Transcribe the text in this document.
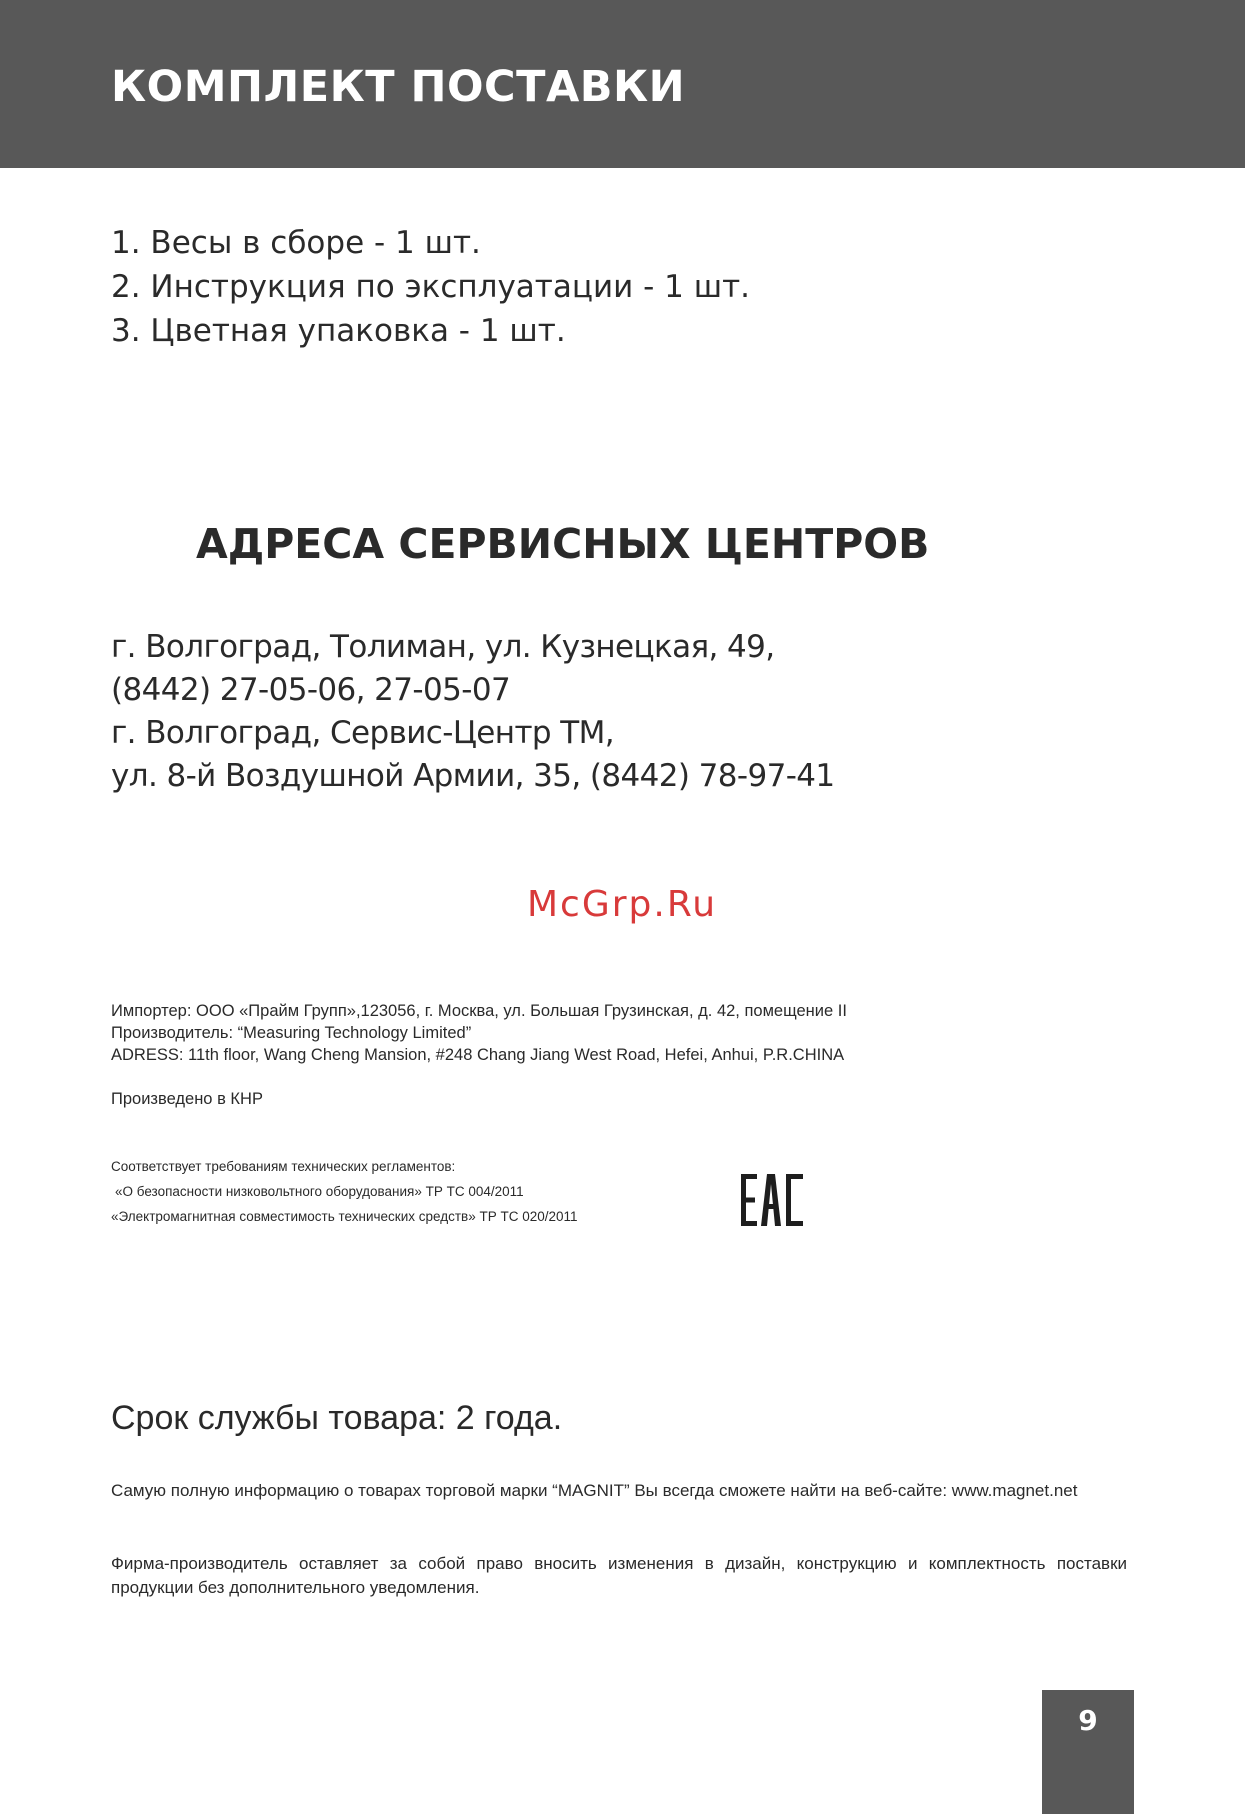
КОМПЛЕКТ ПОСТАВКИ
1. Весы в сборе - 1 шт.
2. Инструкция по эксплуатации - 1 шт.
3. Цветная упаковка - 1 шт.
АДРЕСА СЕРВИСНЫХ ЦЕНТРОВ
г. Волгоград, Толиман, ул. Кузнецкая, 49,
(8442) 27-05-06, 27-05-07
г. Волгоград, Сервис-Центр ТМ,
ул. 8-й Воздушной Армии, 35, (8442) 78-97-41
McGrp.Ru
Импортер: ООО «Прайм Групп»,123056, г. Москва, ул. Большая Грузинская, д. 42, помещение II
Производитель: “Measuring Technology Limited”
ADRESS: 11th floor, Wang Cheng Mansion, #248 Chang Jiang West Road, Hefei, Anhui, P.R.CHINA
Произведено в КНР
Соответствует требованиям технических регламентов:
«О безопасности низковольтного оборудования» ТР ТС 004/2011
«Электромагнитная совместимость технических средств» ТР ТС 020/2011
Срок службы товара: 2 года.

Самую полную информацию о товарах торговой марки “MAGNIT” Вы всегда сможете найти на веб-сайте: www.magnet.net

Фирма-производитель оставляет за собой право вносить изменения в дизайн, конструкцию и комплектность поставки продукции без дополнительного уведомления.

9
